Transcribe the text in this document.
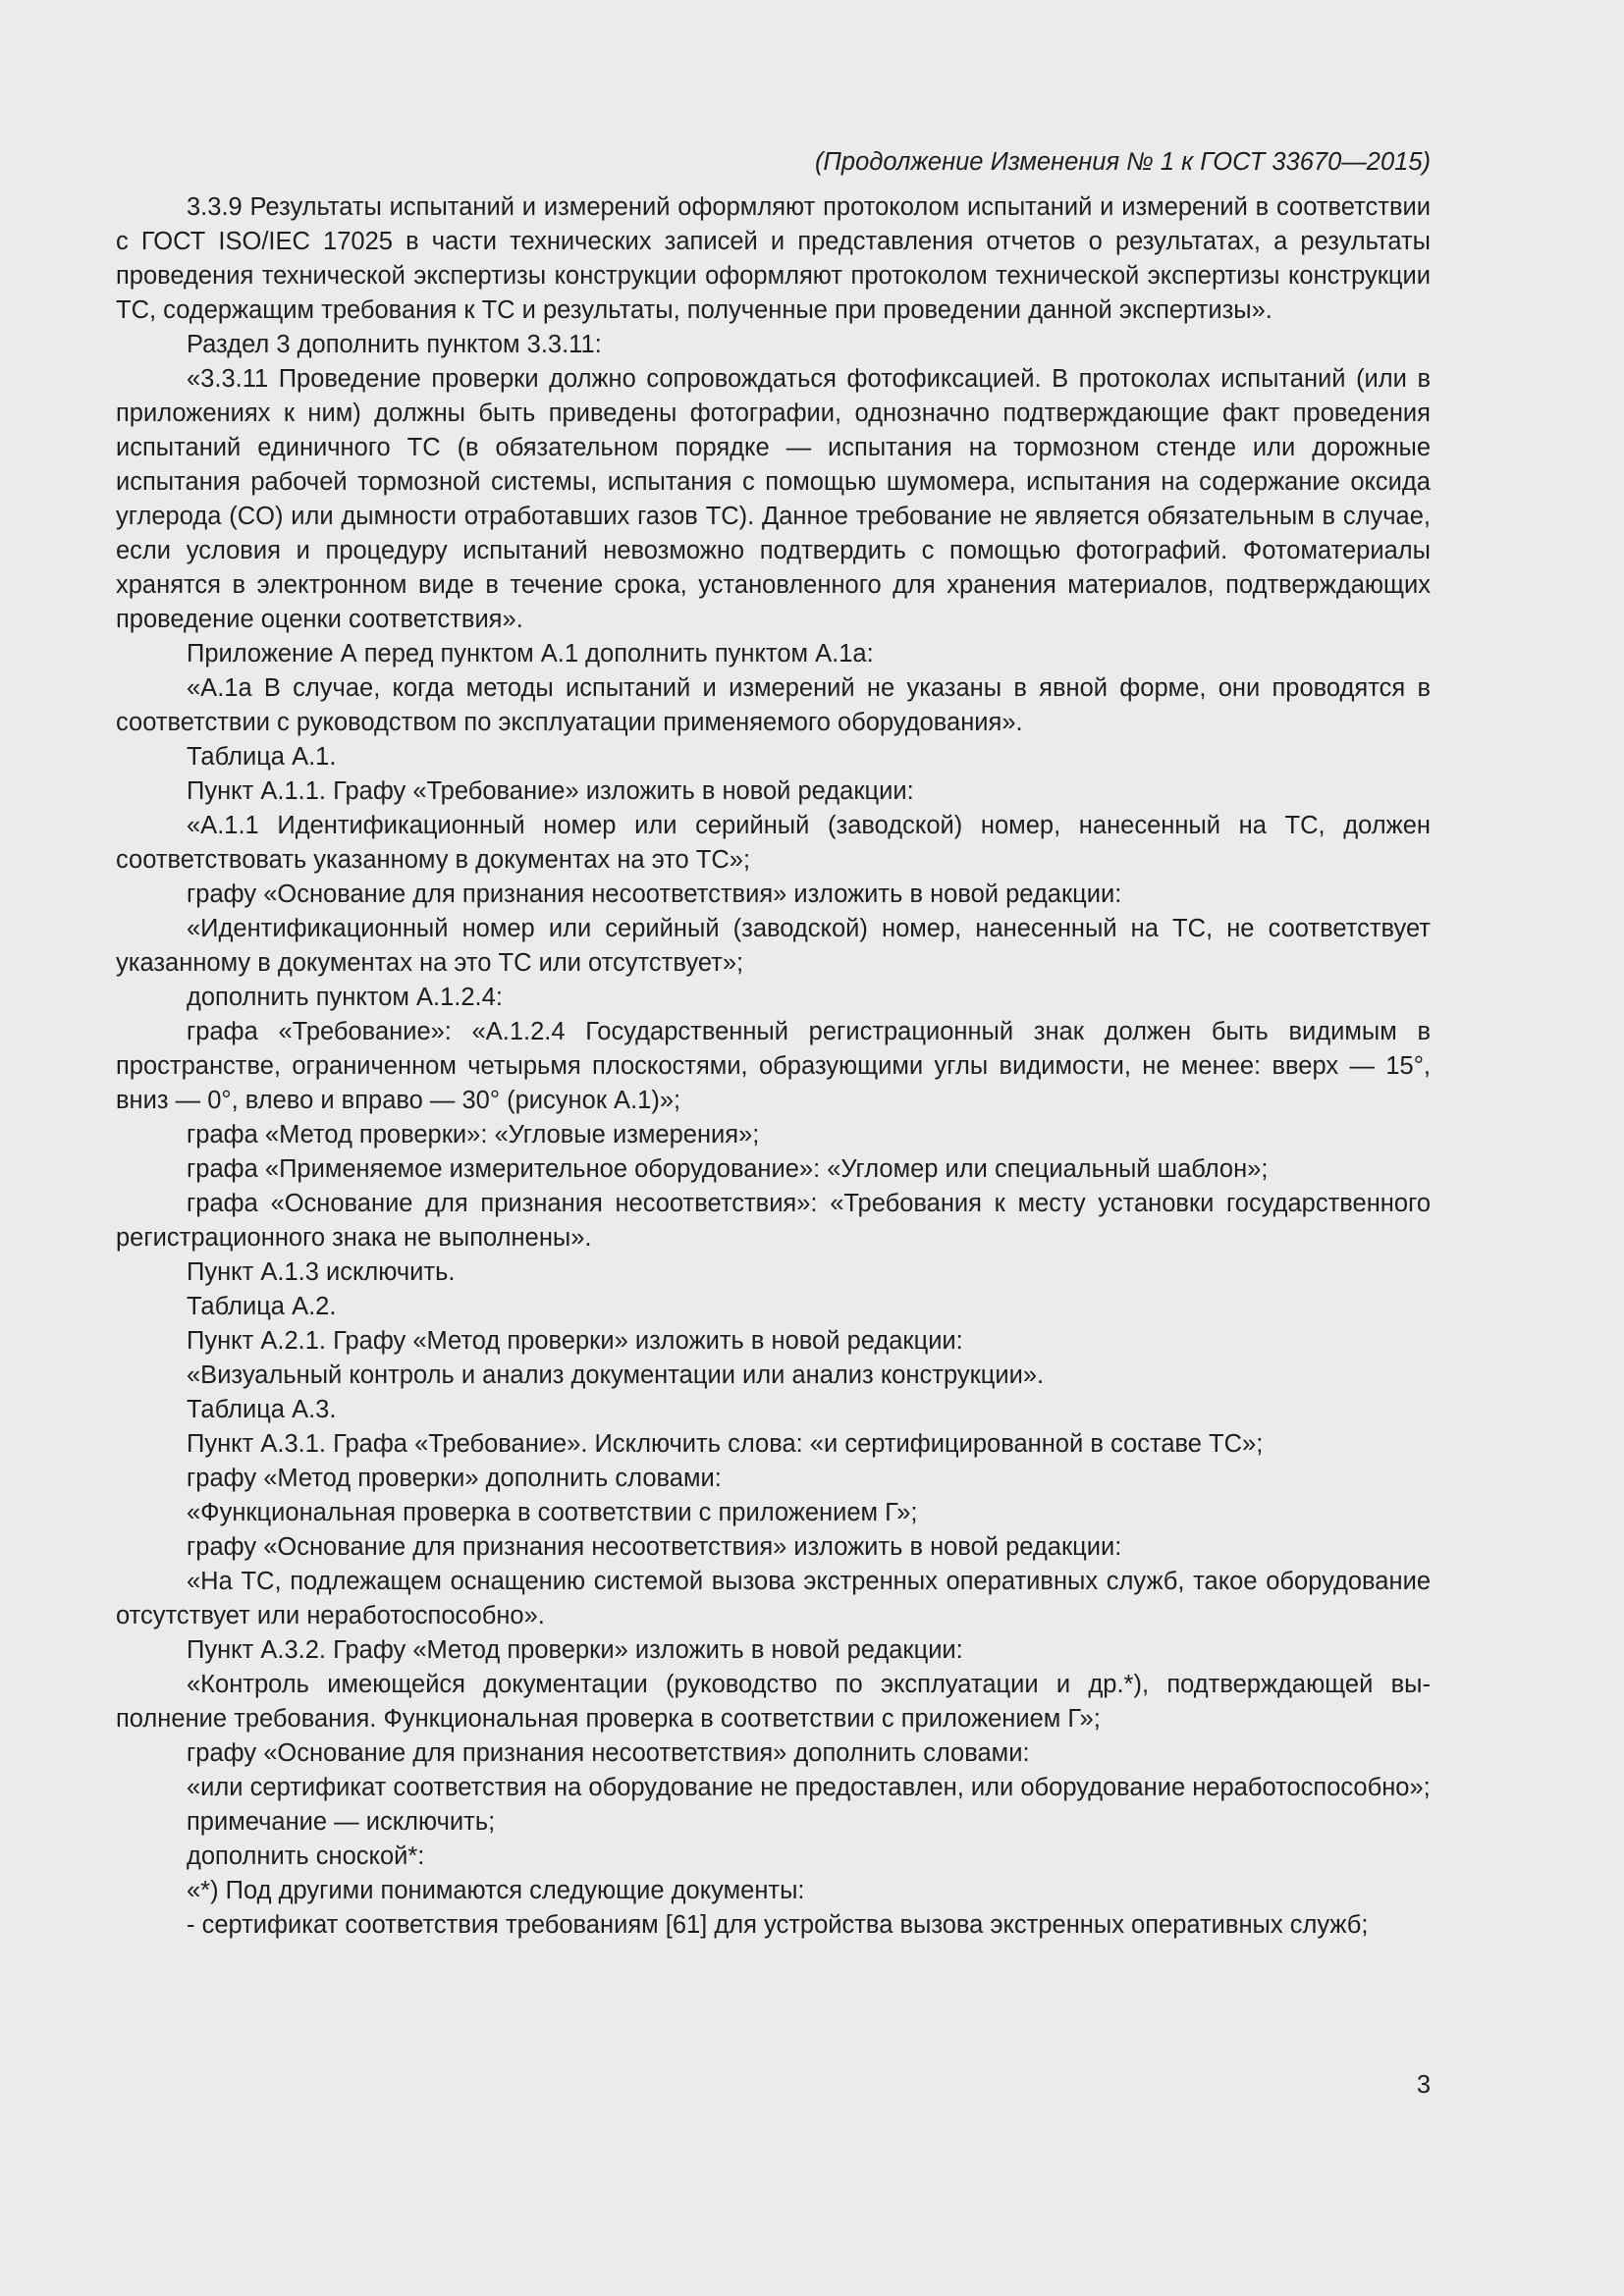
(Продолжение Изменения № 1 к ГОСТ 33670—2015)

3.3.9 Результаты испытаний и измерений оформляют протоколом испытаний и измерений в соответствии с ГОСТ ISO/IEC 17025 в части технических записей и представления отчетов о результатах, а результаты проведения технической экспертизы конструкции оформляют протоколом технической экспертизы конструкции ТС, содержащим требования к ТС и результаты, полученные при проведении данной экспертизы».

Раздел 3 дополнить пунктом 3.3.11:

«3.3.11 Проведение проверки должно сопровождаться фотофиксацией. В протоколах испытаний (или в приложениях к ним) должны быть приведены фотографии, однозначно подтверждающие факт проведения испытаний единичного ТС (в обязательном порядке — испытания на тормозном стенде или дорожные испытания рабочей тормозной системы, испытания с помощью шумомера, испытания на содержание оксида углерода (CO) или дымности отработавших газов ТС). Данное требование не является обязательным в случае, если условия и процедуру испытаний невозможно подтвердить с помощью фотографий. Фотоматериалы хранятся в электронном виде в течение срока, установленного для хранения материалов, подтверждающих проведение оценки соответствия».

Приложение А перед пунктом А.1 дополнить пунктом А.1а:

«А.1а В случае, когда методы испытаний и измерений не указаны в явной форме, они проводятся в соответствии с руководством по эксплуатации применяемого оборудования».

Таблица А.1.

Пункт А.1.1. Графу «Требование» изложить в новой редакции:

«А.1.1 Идентификационный номер или серийный (заводской) номер, нанесенный на ТС, должен соответствовать указанному в документах на это ТС»;

графу «Основание для признания несоответствия» изложить в новой редакции:

«Идентификационный номер или серийный (заводской) номер, нанесенный на ТС, не соответствует указанному в документах на это ТС или отсутствует»;

дополнить пунктом А.1.2.4:

графа «Требование»: «А.1.2.4 Государственный регистрационный знак должен быть видимым в пространстве, ограниченном четырьмя плоскостями, образующими углы видимости, не менее: вверх — 15°, вниз — 0°, влево и вправо — 30° (рисунок А.1)»;

графа «Метод проверки»: «Угловые измерения»;

графа «Применяемое измерительное оборудование»: «Угломер или специальный шаблон»;

графа «Основание для признания несоответствия»: «Требования к месту установки государственного регистрационного знака не выполнены».

Пункт А.1.3 исключить.

Таблица А.2.

Пункт А.2.1. Графу «Метод проверки» изложить в новой редакции:

«Визуальный контроль и анализ документации или анализ конструкции».

Таблица А.3.

Пункт А.3.1. Графа «Требование». Исключить слова: «и сертифицированной в составе ТС»;

графу «Метод проверки» дополнить словами:

«Функциональная проверка в соответствии с приложением Г»;

графу «Основание для признания несоответствия» изложить в новой редакции:

«На ТС, подлежащем оснащению системой вызова экстренных оперативных служб, такое оборудование отсутствует или неработоспособно».

Пункт А.3.2. Графу «Метод проверки» изложить в новой редакции:

«Контроль имеющейся документации (руководство по эксплуатации и др.*), подтверждающей выполнение требования. Функциональная проверка в соответствии с приложением Г»;

графу «Основание для признания несоответствия» дополнить словами:

«или сертификат соответствия на оборудование не предоставлен, или оборудование неработоспособно»;

примечание — исключить;

дополнить сноской*:

«*) Под другими понимаются следующие документы:

- сертификат соответствия требованиям [61] для устройства вызова экстренных оперативных служб;

3
